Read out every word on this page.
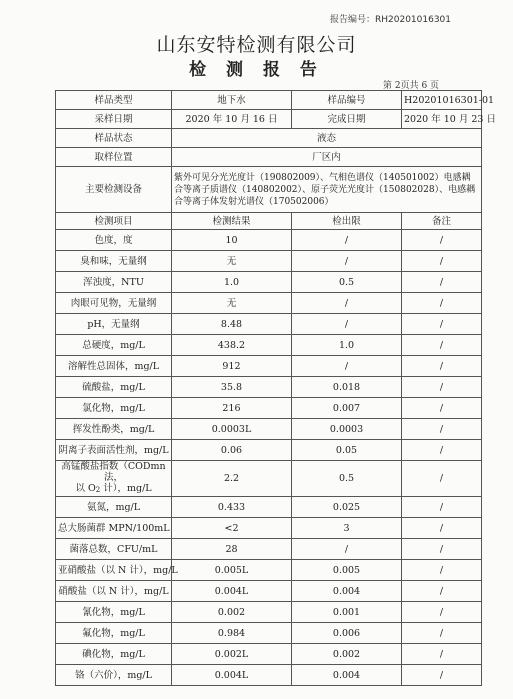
报告编号：RH20201016301
山东安特检测有限公司
检 测 报 告
第 2页共 6 页
样品类型	地下水	样品编号	H20201016301-01
采样日期	2020 年 10 月 16 日	完成日期	2020 年 10 月 23 日
样品状态	液态		
取样位置	厂区内		
主要检测设备	紫外可见分光光度计（190802009）、气相色谱仪（140501002）电感耦合等离子质谱仪（140802002）、原子荧光光度计（150802028）、电感耦合等离子体发射光谱仪（170502006）		
检测项目	检测结果	检出限	备注
色度，度	10	/	/
臭和味，无量纲	无	/	/
浑浊度，NTU	1.0	0.5	/
肉眼可见物，无量纲	无	/	/
pH，无量纲	8.48	/	/
总硬度，mg/L	438.2	1.0	/
溶解性总固体，mg/L	912	/	/
硫酸盐，mg/L	35.8	0.018	/
氯化物，mg/L	216	0.007	/
挥发性酚类，mg/L	0.0003L	0.0003	/
阴离子表面活性剂，mg/L	0.06	0.05	/

高锰酸盐指数（CODmn 法，
以 O2 计），mg/L	2.2	0.5	/
氨氮，mg/L	0.433	0.025	/
总大肠菌群 MPN/100mL	<2	3	/
菌落总数，CFU/mL	28	/	/
亚硝酸盐（以 N 计），mg/L	0.005L	0.005	/
硝酸盐（以 N 计），mg/L	0.004L	0.004	/
氰化物，mg/L	0.002	0.001	/
氟化物，mg/L	0.984	0.006	/
碘化物，mg/L	0.002L	0.002	/
铬（六价），mg/L	0.004L	0.004	/
